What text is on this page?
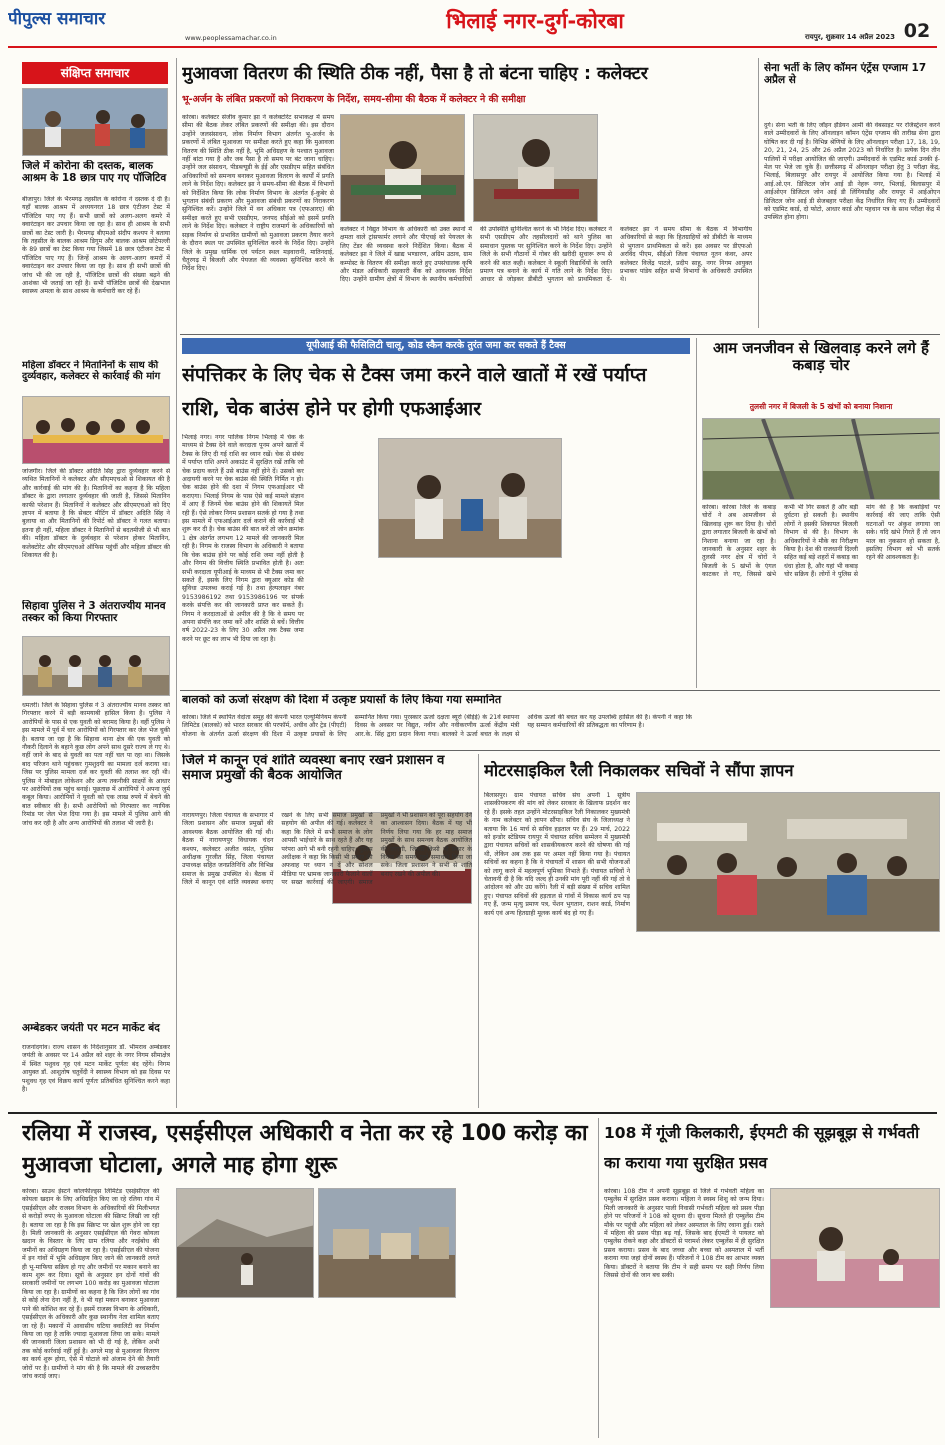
पीपुल्स समाचार
www.peoplessamachar.co.in
भिलाई नगर-दुर्ग-कोरबा
रायपुर, शुक्रवार 14 अप्रैल 2023 02
संक्षिप्त समाचार
जिले में कोरोना की दस्तक, बालक आश्रम के 18 छात्र पाए गए पॉजिटिव
बीजापुर। जिले के भैरमगढ़ तहसील के कोरोना ने दस्तक दे दी है। यहाँ बालक आश्रम में अध्ययनरत 18 छात्र एंटीजन टेस्ट में पॉजिटिव पाए गए हैं। सभी छात्रों को अलग-अलग कमरे में क्वारंटाइन कर उपचार किया जा रहा है। साथ ही आश्रम के सभी छात्रों का टेस्ट जारी है। भैरमगढ़ बीएमओ संदीप कश्यप ने बताया कि तहसील के बालक आश्रम डिगुम और बालक आश्रम छोटेपल्ली के 89 छात्रों का टेस्ट किया गया जिसमें 18 छात्र एंटीजन टेस्ट में पॉजिटिव पाए गए हैं। जिन्हें आश्रम के अलग-अलग कमरों में क्वारंटाइन कर उपचार किया जा रहा है। साथ ही सभी छात्रों की जांच भी की जा रही है, पॉजिटिव छात्रों की संख्या बढ़ने की आशंका भी जताई जा रही है। सभी पॉजिटिव छात्रों की देखभाल स्वास्थ्य अमला के साथ आश्रम के कर्मचारी कर रहे हैं।
महिला डॉक्टर ने मितानिनों के साथ की दुर्व्यवहार, कलेक्टर से कार्रवाई की मांग
जांजगीर। जिले की डॉक्टर अदिति सिंह द्वारा दुर्व्यवहार करने से व्यथित मितानिनों ने कलेक्टर और सीएमएचओ से शिकायत की है और कार्रवाई की मांग की है। मितानिनों का कहना है कि महिला डॉक्टर के द्वारा लगातार दुर्व्यवहार की जाती है, जिससे मितानिन काफी परेशान हैं। मितानिनों ने कलेक्टर और सीएमएचओ को दिए ज्ञापन में बताया है कि सेक्टर मीटिंग में डॉक्टर अदिति सिंह ने बुलाया था और मितानिनों की रिपोर्ट को डॉक्टर ने गलत बताया। इतना ही नहीं, महिला डॉक्टर ने मितानिनों से बदतमीजी से भी बात की। महिला डॉक्टर के दुर्व्यवहार से परेशान होकर मितानिन, कलेक्टोरेट और सीएमएचओ ऑफिस पहुंचीं और महिला डॉक्टर की शिकायत की है।
सिहावा पुलिस ने 3 अंतराज्यीय मानव तस्कर को किया गिरफ्तार
धमतरी। जिले के सिहावा पुलिस ने 3 अंतराज्यीय मानव तस्कर को गिरफ्तार करने में बड़ी कामयाबी हासिल किया है। पुलिस ने आरोपियों के पास से एक युवती को बरामद किया है। वहीं पुलिस ने इस मामले में पूर्व में चार आरोपियों को गिरफ्तार कर जेल भेज चुकी है। बताया जा रहा है कि सिहावा थाना क्षेत्र की एक युवती को नौकरी दिलाने के बहाने कुछ लोग अपने साथ दूसरे राज्य ले गए थे। वहीं जाने के बाद से युवती का पता नहीं चल पा रहा था। जिसके बाद परिजन थाने पहुंचकर गुमशुदगी का मामला दर्ज कराया था। जिस पर पुलिस मामला दर्ज कर युवती की तलाश कर रही थी। पुलिस ने मोबाइल लोकेशन और अन्य तकनीकी साक्ष्यों के आधार पर आरोपियों तक पहुंच बनाई। पूछताछ में आरोपियों ने अपना जुर्म कबूल किया। आरोपियों ने युवती को एक लाख रुपये में बेचने की बात स्वीकार की है। सभी आरोपियों को गिरफ्तार कर न्यायिक रिमांड पर जेल भेज दिया गया है। इस मामले में पुलिस आगे की जांच कर रही है और अन्य आरोपियों की तलाश भी जारी है।
अम्बेडकर जयंती पर मटन मार्केट बंद
राजनांदगांव। राज्य शासन के निर्देशानुसार डॉ. भीमराव अम्बेडकर जयंती के अवसर पर 14 अप्रैल को शहर के नगर निगम सीमाक्षेत्र में स्थित पशुवध गृह एवं मटन मार्केट पूर्णतः बंद रहेंगे। निगम आयुक्त डॉ. आशुतोष चतुर्वेदी ने स्वास्थ्य विभाग को इस दिवस पर पशुवध गृह एवं विक्रय कार्य पूर्णतः प्रतिबंधित सुनिश्चित करने कहा है।
मुआवजा वितरण की स्थिति ठीक नहीं, पैसा है तो बंटना चाहिए : कलेक्टर
भू-अर्जन के लंबित प्रकरणों को निराकरण के निर्देश, समय-सीमा की बैठक में कलेक्टर ने की समीक्षा
कोरबा। कलेक्टर संजीव कुमार झा ने कलेक्टोरेट सभाकक्ष में समय सीमा की बैठक लेकर लंबित प्रकरणों की समीक्षा की। इस दौरान उन्होंने जलसंसाधन, लोक निर्माण विभाग अंतर्गत भू-अर्जन के प्रकरणों में लंबित मुआवजा पर समीक्षा करते हुए कहा कि मुआवजा वितरण की स्थिति ठीक नहीं है, भूमि अधिग्रहण के पश्चात मुआवजा नहीं बांटा गया है और जब पैसा है तो समय पर बंट जाना चाहिए। उन्होंने जल संसाधन, पीडब्ल्यूडी के ईई और एसडीएम सहित संबंधित अधिकारियों को समन्वय बनाकर मुआवजा वितरण के कार्यों में प्रगति लाने के निर्देश दिए। कलेक्टर झा ने समय-सीमा की बैठक में विभागों को निर्देशित किया कि लोक निर्माण विभाग के अंतर्गत ई-कुबेर से भुगतान संबंधी प्रकरण और मुआवजा संबंधी प्रकरणों का निराकरण सुनिश्चित करें। उन्होंने जिले में वन अधिकार पत्र (एफआरए) की समीक्षा करते हुए सभी एसडीएम, जनपद सीईओ को इसमें प्रगति लाने के निर्देश दिए। कलेक्टर ने राष्ट्रीय राजमार्ग के अधिकारियों को सड़क निर्माण से प्रभावित ग्रामीणों को मुआवजा प्रकरण तैयार करने के दौरान स्थल पर उपस्थित सुनिश्चित करने के निर्देश दिए। उन्होंने जिले के प्रमुख धार्मिक एवं पर्यटन स्थल मड़वारानी, मातिनदाई, चैतुरगढ़ में बिजली और पेयजल की व्यवस्था सुनिश्चित करने के निर्देश दिए।
कलेक्टर ने विद्युत विभाग के अधिकारी को उक्त स्थानों में क्षमता वाले ट्रांसफार्मर लगाने और पीएचई को पेयजल के लिए टेंडर की व्यवस्था करने निर्देशित किया। बैठक में कलेक्टर झा ने जिले में खाद्य भण्डारण, अग्रिम उठाव, ग्राम कम्पोस्ट के वितरण की समीक्षा करते हुए उपसंचालक कृषि और मंडल अधिकारी सहकारी बैंक को आवश्यक निर्देश दिए। उन्होंने ग्रामीण क्षेत्रों में विभाग के स्थानीय कर्मचारियों की उपस्थिति सुनिश्चित करने के भी निर्देश दिए। कलेक्टर ने सभी एसडीएम और तहसीलदारों को थाने पुलिस का समाधान पुस्तक पर सुनिश्चित करने के निर्देश दिए। उन्होंने जिले के सभी गौठानों में गोबर की खरीदी सुचारू रूप से करने की बात कही। कलेक्टर ने स्कूली विद्यार्थियों के जाति प्रमाण पत्र बनाने के कार्य में गति लाने के निर्देश दिए। आधार से जोड़कर डीबीटी भुगतान को प्राथमिकता दें- कलेक्टर झा ने समय सीमा के बैठक में विभागीय अधिकारियों से कहा कि हितग्राहियों को डीबीटी के माध्यम से भुगतान प्राथमिकता से करें। इस अवसर पर डीएफओ अरविंद पीएम, सीईओ जिला पंचायत नूतन कंवर, अपर कलेक्टर विजेंद्र पाटले, प्रदीप साहू, नगर निगम आयुक्त प्रभाकर पांडेय सहित सभी विभागों के अधिकारी उपस्थित थे।
सेना भर्ती के लिए कॉमन एंट्रेंस एग्जाम 17 अप्रैल से
दुर्ग। सेना भर्ती के लिए जॉइन इंडियन आर्मी की वेबसाइट पर रजिस्ट्रेशन करने वाले उम्मीदवारों के लिए ऑनलाइन कॉमन एंट्रेंस एग्जाम की तारीख सेना द्वारा घोषित कर दी गई है। विभिन्न श्रेणियों के लिए ऑनलाइन परीक्षा 17, 18, 19, 20, 21, 24, 25 और 26 अप्रैल 2023 को निर्धारित है। प्रत्येक दिन तीन पालियों में परीक्षा आयोजित की जाएगी। उम्मीदवारों के एडमिट कार्ड उनकी ई-मेल पर भेजे जा चुके हैं। छत्तीसगढ़ में ऑनलाइन परीक्षा हेतु 3 परीक्षा केंद्र, भिलाई, बिलासपुर और रायपुर में आयोजित किया गया है। भिलाई में आई.ओ.एन. डिजिटल जोन आई डी नेहरू नगर, भिलाई, बिलासपुर में आईओएन डिजिटल जोन आई डी लिंगियाडीह और रायपुर में आईओएन डिजिटल जोन आई डी सेजबहार परीक्षा केंद्र निर्धारित किए गए हैं। उम्मीदवारों को एडमिट कार्ड, दो फोटो, आधार कार्ड और पहचान पत्र के साथ परीक्षा केंद्र में उपस्थित होना होगा।
यूपीआई की फैसिलिटी चालू, कोड स्कैन करके तुरंत जमा कर सकते हैं टैक्स
संपत्तिकर के लिए चेक से टैक्स जमा करने वाले खातों में रखें पर्याप्त राशि, चेक बाउंस होने पर होगी एफआईआर
भिलाई नगर। नगर पालिक निगम भिलाई में चेक के माध्यम से टैक्स देने वाले करदाता पूनम अपने खातों में टैक्स के लिए दी गई राशि का ध्यान रखें। चेक से संबंध में पर्याप्त राशि अपने अकाउंट में सुरक्षित रखें ताकि जो चेक प्रदाय करते हैं उसे बाउंस नहीं होने दें। उसको कर अदायगी करने पर चेक बाउंस की स्थिति निर्मित न हो। चेक बाउंस होने की दशा में निगम एफआईआर भी कराएगा। भिलाई निगम के पास ऐसे कई मामले संज्ञान में आए हैं जिनमें चेक बाउंस होने की शिकायतें मिल रही हैं। ऐसे लोकर निगम प्रशासन सतर्क हो गया है तथा इस मामले में एफआईआर दर्ज कराने की कार्रवाई भी शुरू कर दी है। चेक बाउंस की बात करें तो जोन क्रमांक 1 क्षेत्र अंतर्गत लगभग 12 मामले की जानकारी मिल रही है। निगम के राजस्व विभाग के अधिकारी ने बताया कि चेक बाउंस होने पर कोई राशि जमा नहीं होती है और निगम की वित्तीय स्थिति प्रभावित होती है। अतः सभी करदाता यूपीआई के माध्यम से भी टैक्स जमा कर सकते हैं, इसके लिए निगम द्वारा क्यूआर कोड की सुविधा उपलब्ध कराई गई है। तथा हेल्पलाइन नंबर 9153986192 तथा 9153986196 पर संपर्क करके संपत्ति कर की जानकारी प्राप्त कर सकते हैं। निगम ने करदाताओं से अपील की है कि वे समय पर अपना संपत्ति कर जमा करें और शास्ति से बचें। वित्तीय वर्ष 2022-23 के लिए 30 अप्रैल तक टैक्स जमा करने पर छूट का लाभ भी दिया जा रहा है।
आम जनजीवन से खिलवाड़ करने लगे हैं कबाड़ चोर
तुलसी नगर में बिजली के 5 खंभों को बनाया निशाना
कोरबा। कोरबा जिले के कबाड़ चोरों ने अब आमजीवन से खिलवाड़ शुरू कर दिया है। चोरों द्वारा लगातार बिजली के खंभों को निशाना बनाया जा रहा है। जानकारी के अनुसार शहर के तुलसी नगर क्षेत्र में चोरों ने बिजली के 5 खंभों के एंगल काटकर ले गए, जिससे खंभे कभी भी गिर सकते हैं और बड़ी दुर्घटना हो सकती है। स्थानीय लोगों ने इसकी शिकायत बिजली विभाग से की है। विभाग के अधिकारियों ने मौके का निरीक्षण किया है। देश की राजधानी दिल्ली सहित कई बड़े शहरों में कबाड़ का धंधा होता है, और यहां भी कबाड़ चोर सक्रिय हैं। लोगों ने पुलिस से मांग की है कि कबाड़ियों पर कार्रवाई की जाए ताकि ऐसी घटनाओं पर अंकुश लगाया जा सके। यदि खंभे गिरते हैं तो जान माल का नुकसान हो सकता है, इसलिए विभाग को भी सतर्क रहने की आवश्यकता है।
बालको को ऊर्जा संरक्षण की दिशा में उत्कृष्ट प्रयासों के लिए किया गया सम्मानित
कोरबा। जिले में स्थापित वेदांता समूह की कंपनी भारत एल्यूमिनियम कंपनी लिमिटेड (बालको) को भारत सरकार की परफॉर्म, अचीव और ट्रेड (पीएटी) योजना के अंतर्गत ऊर्जा संरक्षण की दिशा में उत्कृष्ट प्रयासों के लिए सम्मानित किया गया। पुरस्कार ऊर्जा दक्षता ब्यूरो (बीईई) के 21वें स्थापना दिवस के अवसर पर विद्युत, नवीन और नवीकरणीय ऊर्जा केंद्रीय मंत्री आर.के. सिंह द्वारा प्रदान किया गया। बालको ने ऊर्जा बचत के लक्ष्य से अधिक ऊर्जा की बचत कर यह उपलब्धि हासिल की है। कंपनी ने कहा कि यह सम्मान कर्मचारियों की प्रतिबद्धता का परिणाम है।
जिले में कानून एवं शांति व्यवस्था बनाए रखने प्रशासन व समाज प्रमुखों की बैठक आयोजित
नारायणपुर। जिला पंचायत के सभागार में जिला प्रशासन और समाज प्रमुखों की आवश्यक बैठक आयोजित की गई थी। बैठक में नारायणपुर विधायक चंदन कश्यप, कलेक्टर अजीत वसंत, पुलिस अधीक्षक गुरजीत सिंह, जिला पंचायत उपाध्यक्ष सहित जनप्रतिनिधि और विभिन्न समाज के प्रमुख उपस्थित थे। बैठक में जिले में कानून एवं शांति व्यवस्था बनाए रखने के लिए सभी समाज प्रमुखों से सहयोग की अपील की गई। कलेक्टर ने कहा कि जिले में सभी समाज के लोग आपसी भाईचारे के साथ रहते हैं और यह परंपरा आगे भी बनी रहनी चाहिए। पुलिस अधीक्षक ने कहा कि किसी भी प्रकार की अफवाह पर ध्यान न दें और सोशल मीडिया पर भ्रामक जानकारी फैलाने वालों पर सख्त कार्रवाई की जाएगी। समाज प्रमुखों ने भी प्रशासन को पूरा सहयोग देने का आश्वासन दिया। बैठक में यह भी निर्णय लिया गया कि हर माह समाज प्रमुखों के साथ समन्वय बैठक आयोजित की जाएगी, जिससे किसी भी प्रकार के विवाद का समय रहते समाधान किया जा सके। जिला प्रशासन ने सभी से शांति बनाए रखने की अपील की।
मोटरसाइकिल रैली निकालकर सचिवों ने सौंपा ज्ञापन
बिलासपुर। ग्राम पंचायत सचिव संघ अपनी 1 सूत्रीय शासकीयकरण की मांग को लेकर सरकार के खिलाफ प्रदर्शन कर रहे हैं। इसके तहत उन्होंने मोटरसाइकिल रैली निकालकर मुख्यमंत्री के नाम कलेक्टर को ज्ञापन सौंपा। सचिव संघ के जिलाध्यक्ष ने बताया कि 16 मार्च से सचिव हड़ताल पर हैं। 29 मार्च, 2022 को इन्डोर स्टेडियम रायपुर में पंचायत सचिव सम्मेलन में मुख्यमंत्री द्वारा पंचायत सचिवों को शासकीयकरण करने की घोषणा की गई थी, लेकिन अब तक इस पर अमल नहीं किया गया है। पंचायत सचिवों का कहना है कि वे पंचायतों में शासन की सभी योजनाओं को लागू करने में महत्वपूर्ण भूमिका निभाते हैं। पंचायत सचिवों ने चेतावनी दी है कि यदि जल्द ही उनकी मांग पूरी नहीं की गई तो वे आंदोलन को और उग्र करेंगे। रैली में बड़ी संख्या में सचिव शामिल हुए। पंचायत सचिवों की हड़ताल से गांवों में विकास कार्य ठप पड़ गए हैं, जन्म मृत्यु प्रमाण पत्र, पेंशन भुगतान, राशन कार्ड, निर्माण कार्य एवं अन्य हितग्राही मूलक कार्य बंद हो गए हैं।
रलिया में राजस्व, एसईसीएल अधिकारी व नेता कर रहे 100 करोड़ का मुआवजा घोटाला, अगले माह होगा शुरू
कोरबा। साउथ ईस्टर्न कोलफील्ड्स लिमिटेड एसईसीएल की कोयला खदान के लिए अधिग्रहित किए जा रहे रलिया गांव में एसईसीएल और राजस्व विभाग के अधिकारियों की मिलीभगत से करोड़ों रुपए के मुआवजा घोटाला की स्क्रिप्ट लिखी जा रही है। बताया जा रहा है कि इस स्क्रिप्ट पर खेल शुरू होने जा रहा है। मिली जानकारी के अनुसार एसईसीएल की गेवरा कोयला खदान के विस्तार के लिए ग्राम रलिया और नरईबोध की जमीनों का अधिग्रहण किया जा रहा है। एसईसीएल की योजना में इन गांवों में भूमि अधिग्रहण किए जाने की जानकारी लगते ही भू-माफिया सक्रिय हो गए और जमीनों पर मकान बनाने का काम शुरू कर दिया। सूत्रों के अनुसार इन दोनों गांवों की सरकारी जमीनों पर लगभग 100 करोड़ का मुआवजा घोटाला किया जा रहा है। ग्रामीणों का कहना है कि जिन लोगों का गांव से कोई लेना देना नहीं है, वे भी यहां मकान बनाकर मुआवजा पाने की कोशिश कर रहे हैं। इसमें राजस्व विभाग के अधिकारी, एसईसीएल के अधिकारी और कुछ स्थानीय नेता शामिल बताए जा रहे हैं। मकानों में आवासीय घटिया क्वालिटी का निर्माण किया जा रहा है ताकि ज्यादा मुआवजा लिया जा सके। मामले की जानकारी जिला प्रशासन को भी दी गई है, लेकिन अभी तक कोई कार्रवाई नहीं हुई है। अगले माह से मुआवजा वितरण का कार्य शुरू होगा, ऐसे में घोटाले को अंजाम देने की तैयारी जोरों पर है। ग्रामीणों ने मांग की है कि मामले की उच्चस्तरीय जांच कराई जाए।
108 में गूंजी किलकारी, ईएमटी की सूझबूझ से गर्भवती का कराया गया सुरक्षित प्रसव
कोरबा। 108 टीम ने अपनी सूझबूझ से जिले में गर्भवती महिला का एम्बुलेंस में सुरक्षित प्रसव कराया। महिला ने स्वस्थ शिशु को जन्म दिया। मिली जानकारी के अनुसार पाली निवासी गर्भवती महिला को प्रसव पीड़ा होने पर परिजनों ने 108 को सूचना दी। सूचना मिलते ही एम्बुलेंस टीम मौके पर पहुंची और महिला को लेकर अस्पताल के लिए रवाना हुई। रास्ते में महिला की प्रसव पीड़ा बढ़ गई, जिसके बाद ईएमटी ने पायलट को एम्बुलेंस रोकने कहा और डॉक्टरों से परामर्श लेकर एम्बुलेंस में ही सुरक्षित प्रसव कराया। प्रसव के बाद जच्चा और बच्चा को अस्पताल में भर्ती कराया गया जहां दोनों स्वस्थ हैं। परिजनों ने 108 टीम का आभार व्यक्त किया। डॉक्टरों ने बताया कि टीम ने सही समय पर सही निर्णय लिया जिससे दोनों की जान बच सकी।
